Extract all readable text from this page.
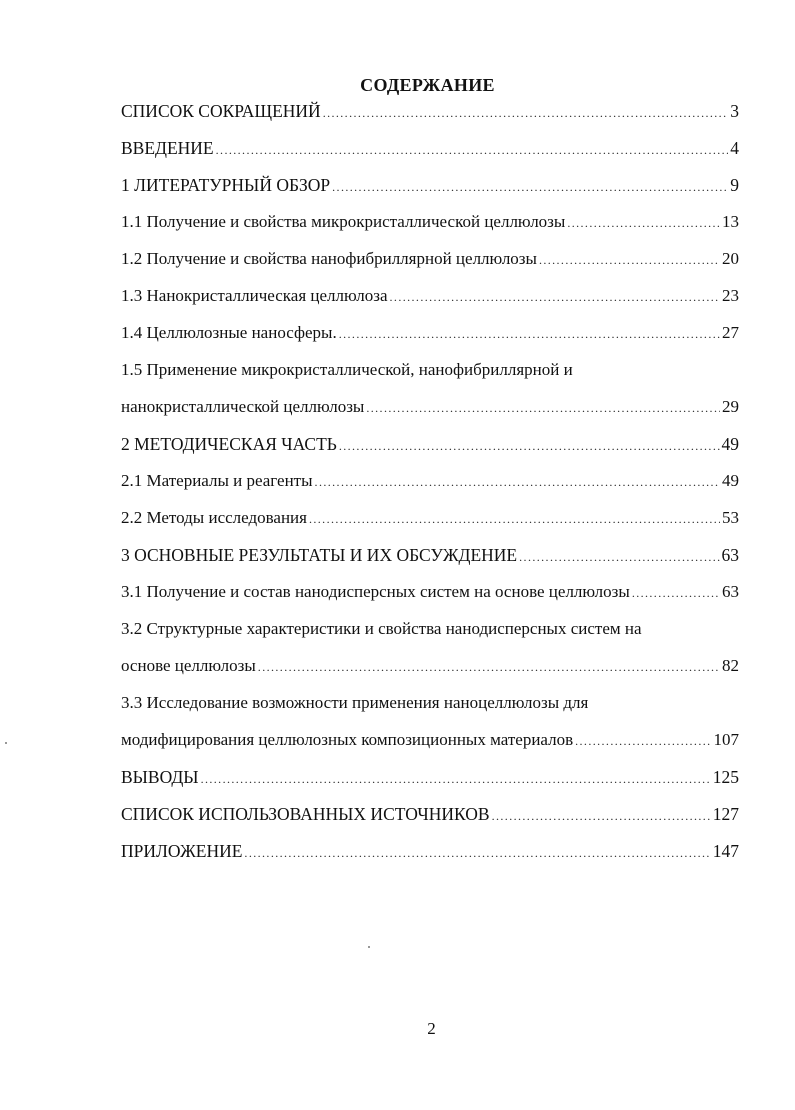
СОДЕРЖАНИЕ
СПИСОК СОКРАЩЕНИЙ .....	3
ВВЕДЕНИЕ .....	4
1 ЛИТЕРАТУРНЫЙ ОБЗОР .....	9
1.1 Получение и свойства микрокристаллической целлюлозы .....	13
1.2 Получение и свойства нанофибриллярной целлюлозы .....	20
1.3 Нанокристаллическая целлюлоза .....	23
1.4 Целлюлозные наносферы. .....	27
1.5 Применение микрокристаллической, нанофибриллярной и
нанокристаллической целлюлозы .....	29
2 МЕТОДИЧЕСКАЯ ЧАСТЬ .....	49
2.1 Материалы и реагенты .....	49
2.2 Методы исследования .....	53
3 ОСНОВНЫЕ РЕЗУЛЬТАТЫ И ИХ ОБСУЖДЕНИЕ .....	63
3.1 Получение и состав нанодисперсных систем на основе целлюлозы .....	63
3.2 Структурные характеристики и свойства нанодисперсных систем на
основе целлюлозы .....	82
3.3 Исследование возможности применения наноцеллюлозы для
модифицирования целлюлозных композиционных материалов .....	107
ВЫВОДЫ .....	125
СПИСОК ИСПОЛЬЗОВАННЫХ ИСТОЧНИКОВ .....	127
ПРИЛОЖЕНИЕ .....	147
2
